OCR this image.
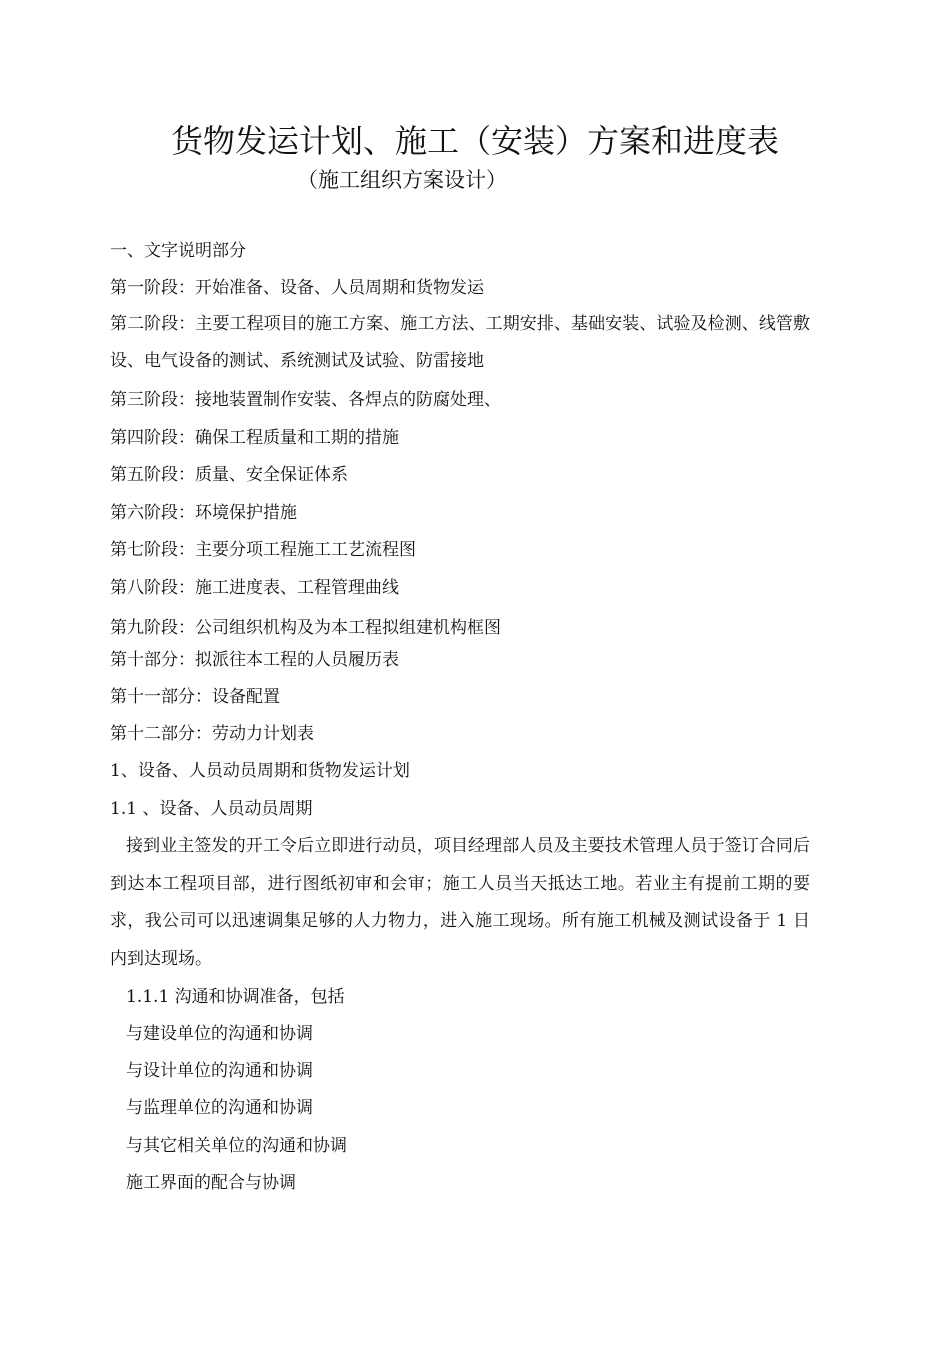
货物发运计划、施工（安装）方案和进度表
（施工组织方案设计）
一、文字说明部分
第一阶段：开始准备、设备、人员周期和货物发运
第二阶段：主要工程项目的施工方案、施工方法、工期安排、基础安装、试验及检测、线管敷设、电气设备的测试、系统测试及试验、防雷接地
第三阶段：接地装置制作安装、各焊点的防腐处理、
第四阶段：确保工程质量和工期的措施
第五阶段：质量、安全保证体系
第六阶段：环境保护措施
第七阶段：主要分项工程施工工艺流程图
第八阶段：施工进度表、工程管理曲线
第九阶段：公司组织机构及为本工程拟组建机构框图
第十部分：拟派往本工程的人员履历表
第十一部分：设备配置
第十二部分：劳动力计划表
1、设备、人员动员周期和货物发运计划
1.1 、设备、人员动员周期
接到业主签发的开工令后立即进行动员，项目经理部人员及主要技术管理人员于签订合同后到达本工程项目部，进行图纸初审和会审；施工人员当天抵达工地。若业主有提前工期的要求，我公司可以迅速调集足够的人力物力，进入施工现场。所有施工机械及测试设备于 1 日内到达现场。
1.1.1 沟通和协调准备，包括
与建设单位的沟通和协调
与设计单位的沟通和协调
与监理单位的沟通和协调
与其它相关单位的沟通和协调
施工界面的配合与协调
